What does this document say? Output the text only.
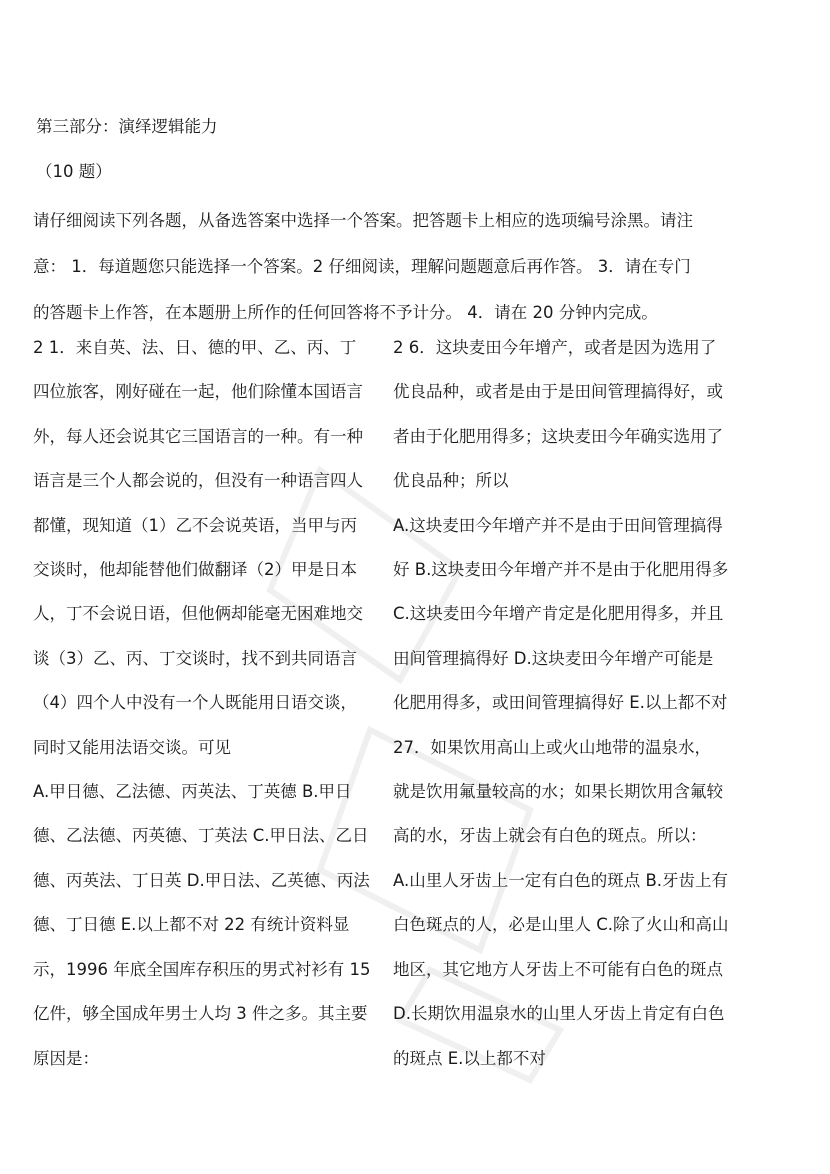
第三部分：演绎逻辑能力
（10 题）

请仔细阅读下列各题，从备选答案中选择一个答案。把答题卡上相应的选项编号涂黑。请注

意： 1．每道题您只能选择一个答案。2 仔细阅读，理解问题题意后再作答。 3．请在专门

的答题卡上作答，在本题册上所作的任何回答将不予计分。 4．请在 20 分钟内完成。

2 1．来自英、法、日、德的甲、乙、丙、丁

四位旅客，刚好碰在一起，他们除懂本国语言

外，每人还会说其它三国语言的一种。有一种

语言是三个人都会说的，但没有一种语言四人

都懂，现知道（1）乙不会说英语，当甲与丙

交谈时，他却能替他们做翻译（2）甲是日本

人，丁不会说日语，但他俩却能毫无困难地交

谈（3）乙、丙、丁交谈时，找不到共同语言

（4）四个人中没有一个人既能用日语交谈，

同时又能用法语交谈。可见

A.甲日德、乙法德、丙英法、丁英德 B.甲日

德、乙法德、丙英德、丁英法 C.甲日法、乙日

德、丙英法、丁日英 D.甲日法、乙英德、丙法

德、丁日德 E.以上都不对 22 有统计资料显

示，1996 年底全国库存积压的男式衬衫有 15

亿件，够全国成年男士人均 3 件之多。其主要

原因是：

2 6．这块麦田今年增产，或者是因为选用了

优良品种，或者是由于是田间管理搞得好，或

者由于化肥用得多；这块麦田今年确实选用了

优良品种；所以

A.这块麦田今年增产并不是由于田间管理搞得

好 B.这块麦田今年增产并不是由于化肥用得多

C.这块麦田今年增产肯定是化肥用得多，并且

田间管理搞得好 D.这块麦田今年增产可能是

化肥用得多，或田间管理搞得好 E.以上都不对

27．如果饮用高山上或火山地带的温泉水，

就是饮用氟量较高的水；如果长期饮用含氟较

高的水，牙齿上就会有白色的斑点。所以：

A.山里人牙齿上一定有白色的斑点 B.牙齿上有

白色斑点的人，必是山里人 C.除了火山和高山

地区，其它地方人牙齿上不可能有白色的斑点

D.长期饮用温泉水的山里人牙齿上肯定有白色

的斑点 E.以上都不对
